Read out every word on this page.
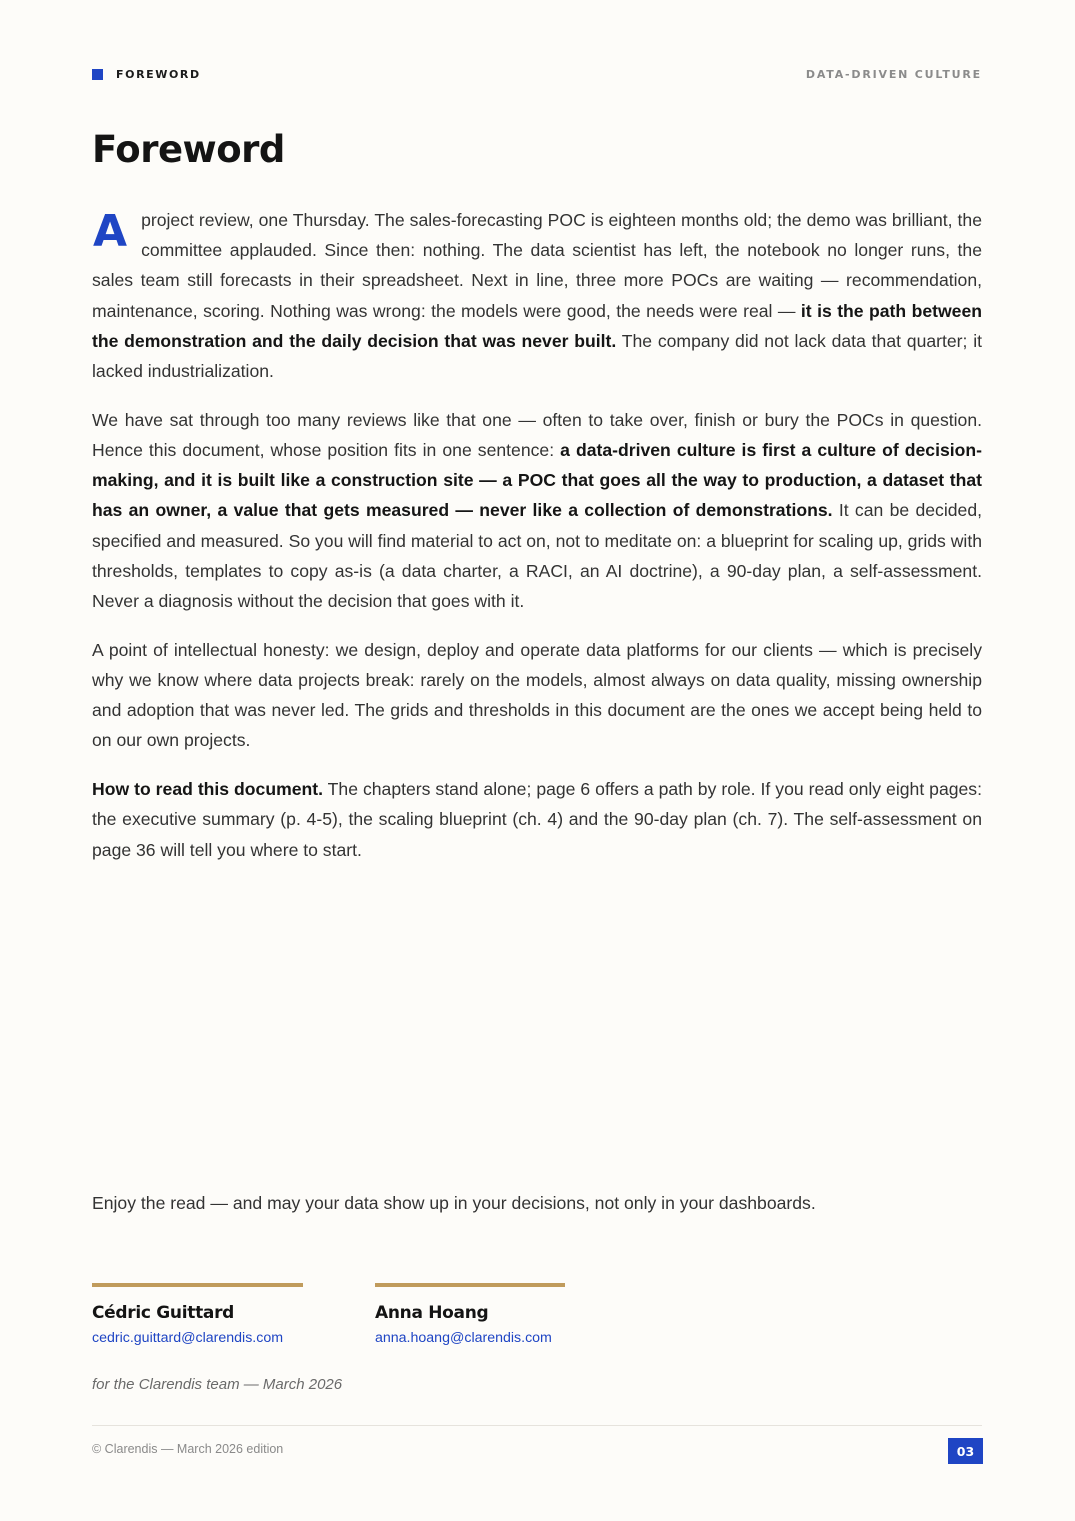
FOREWORD	DATA-DRIVEN CULTURE
Foreword

Aproject review, one Thursday. The sales-forecasting POC is eighteen months old; the demo was brilliant, the committee applauded. Since then: nothing. The data scientist has left, the notebook no longer runs, the sales team still forecasts in their spreadsheet. Next in line, three more POCs are waiting — recommendation, maintenance, scoring. Nothing was wrong: the models were good, the needs were real — it is the path between the demonstration and the daily decision that was never built. The company did not lack data that quarter; it lacked industrialization.

We have sat through too many reviews like that one — often to take over, finish or bury the POCs in question. Hence this document, whose position fits in one sentence: a data-driven culture is first a culture of decision-making, and it is built like a construction site — a POC that goes all the way to production, a dataset that has an owner, a value that gets measured — never like a collection of demonstrations. It can be decided, specified and measured. So you will find material to act on, not to meditate on: a blueprint for scaling up, grids with thresholds, templates to copy as-is (a data charter, a RACI, an AI doctrine), a 90-day plan, a self-assessment. Never a diagnosis without the decision that goes with it.

A point of intellectual honesty: we design, deploy and operate data platforms for our clients — which is precisely why we know where data projects break: rarely on the models, almost always on data quality, missing ownership and adoption that was never led. The grids and thresholds in this document are the ones we accept being held to on our own projects.

How to read this document. The chapters stand alone; page 6 offers a path by role. If you read only eight pages: the executive summary (p. 4-5), the scaling blueprint (ch. 4) and the 90-day plan (ch. 7). The self-assessment on page 36 will tell you where to start.

Enjoy the read — and may your data show up in your decisions, not only in your dashboards.

Cédric Guittard
cedric.guittard@clarendis.com
Anna Hoang
anna.hoang@clarendis.com

for the Clarendis team — March 2026

© Clarendis — March 2026 edition	03
